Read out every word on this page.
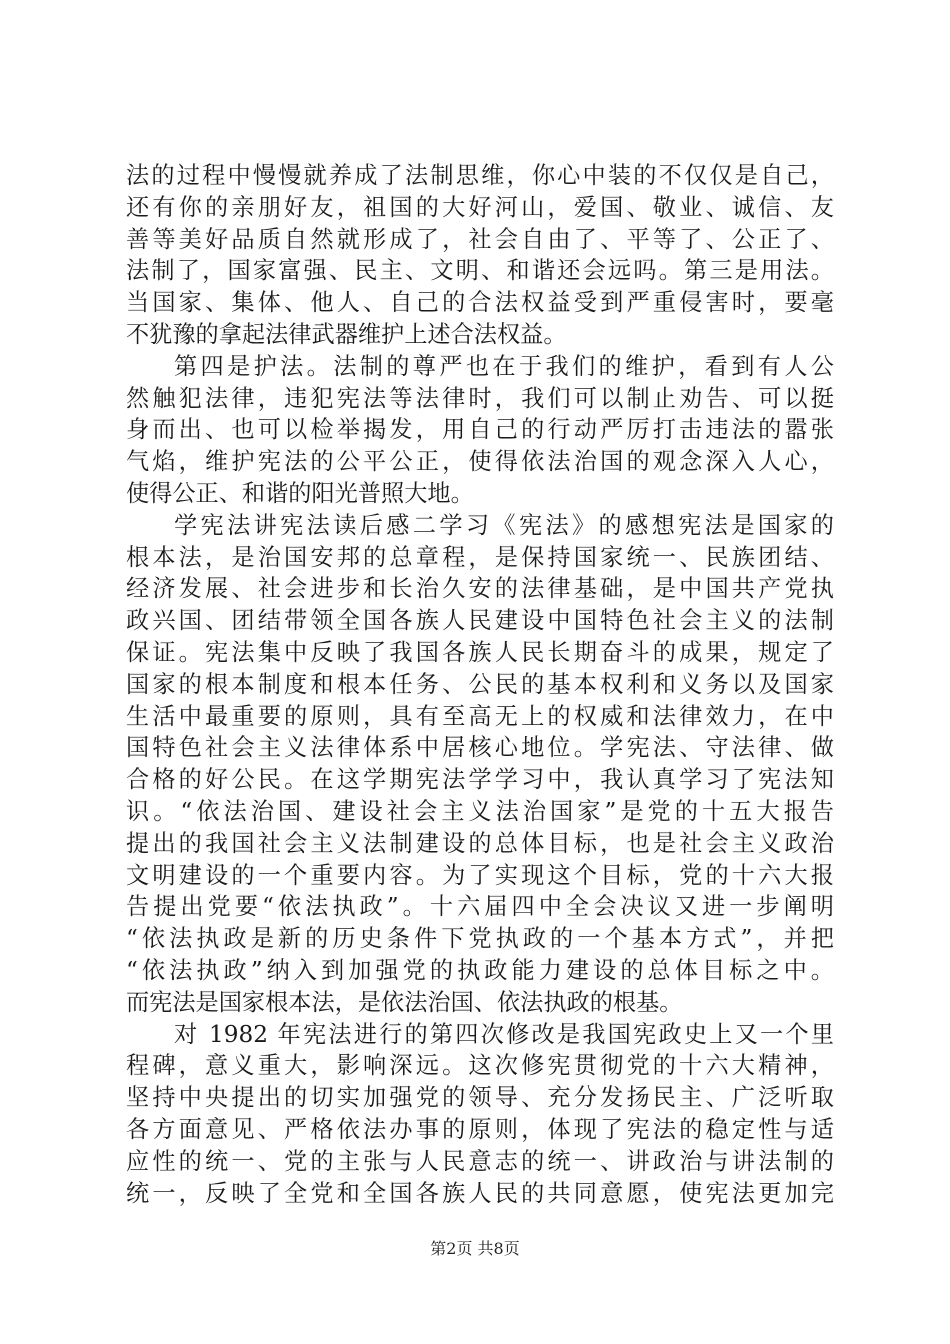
法的过程中慢慢就养成了法制思维，你心中装的不仅仅是自己，
还有你的亲朋好友，祖国的大好河山，爱国、敬业、诚信、友
善等美好品质自然就形成了，社会自由了、平等了、公正了、
法制了，国家富强、民主、文明、和谐还会远吗。第三是用法。
当国家、集体、他人、自己的合法权益受到严重侵害时，要毫
不犹豫的拿起法律武器维护上述合法权益。
第四是护法。法制的尊严也在于我们的维护，看到有人公
然触犯法律，违犯宪法等法律时，我们可以制止劝告、可以挺
身而出、也可以检举揭发，用自己的行动严厉打击违法的嚣张
气焰，维护宪法的公平公正，使得依法治国的观念深入人心，
使得公正、和谐的阳光普照大地。
学宪法讲宪法读后感二学习《宪法》的感想宪法是国家的
根本法，是治国安邦的总章程，是保持国家统一、民族团结、
经济发展、社会进步和长治久安的法律基础，是中国共产党执
政兴国、团结带领全国各族人民建设中国特色社会主义的法制
保证。宪法集中反映了我国各族人民长期奋斗的成果，规定了
国家的根本制度和根本任务、公民的基本权利和义务以及国家
生活中最重要的原则，具有至高无上的权威和法律效力，在中
国特色社会主义法律体系中居核心地位。学宪法、守法律、做
合格的好公民。在这学期宪法学学习中，我认真学习了宪法知
识。“依法治国、建设社会主义法治国家”是党的十五大报告
提出的我国社会主义法制建设的总体目标，也是社会主义政治
文明建设的一个重要内容。为了实现这个目标，党的十六大报
告提出党要“依法执政”。十六届四中全会决议又进一步阐明
“依法执政是新的历史条件下党执政的一个基本方式”，并把
“依法执政”纳入到加强党的执政能力建设的总体目标之中。
而宪法是国家根本法，是依法治国、依法执政的根基。
对 1982 年宪法进行的第四次修改是我国宪政史上又一个里
程碑，意义重大，影响深远。这次修宪贯彻党的十六大精神，
坚持中央提出的切实加强党的领导、充分发扬民主、广泛听取
各方面意见、严格依法办事的原则，体现了宪法的稳定性与适
应性的统一、党的主张与人民意志的统一、讲政治与讲法制的
统一，反映了全党和全国各族人民的共同意愿，使宪法更加完
第2页 共8页
